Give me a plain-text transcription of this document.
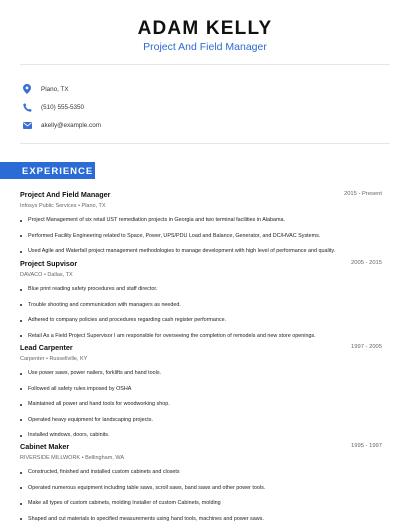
ADAM KELLY
Project And Field Manager
Plano, TX
(510) 555-5350
akelly@example.com
EXPERIENCE
Project And Field Manager	2015 - Present
Infosys Public Services • Plano, TX
Project Management of six retail UST remediation projects in Georgia and two terminal facilities in Alabama.
Performed Facility Engineering related to Space, Power, UPS/PDU Load and Balance, Generator, and DC/HVAC Systems.
Used Agile and Waterfall project management methodologies to manage development with high level of performance and quality.
Project Supvisor	2005 - 2015
DAVACO • Dallas, TX
Blue print reading safety procedures and staff director.
Trouble shooting and communication with managers as needed.
Adhered to company policies and procedures regarding cash register performance.
Retail As a Field Project Supervisor I am responsible for overseeing the completion of remodels and new store openings.
Lead Carpenter	1997 - 2005
Carpenter • Russellville, KY
Use power saws, power nailers, forklifts and hand tools.
Followed all safety rules imposed by OSHA
Maintained all power and hand tools for woodworking shop.
Operated heavy equipment for landscaping projects.
Installed windows, doors, cabinits.
Cabinet Maker	1995 - 1997
RIVERSIDE MILLWORK • Bellingham, WA
Constructed, finished and installed custom cabinets and closets
Operated numerous equipment including table saws, scroll saws, band saws and other power tools.
Make all types of custom cabinets, molding Installer of custom Cabinets, molding
Shaped and cut materials to specified measurements using hand tools, machines and power saws.
